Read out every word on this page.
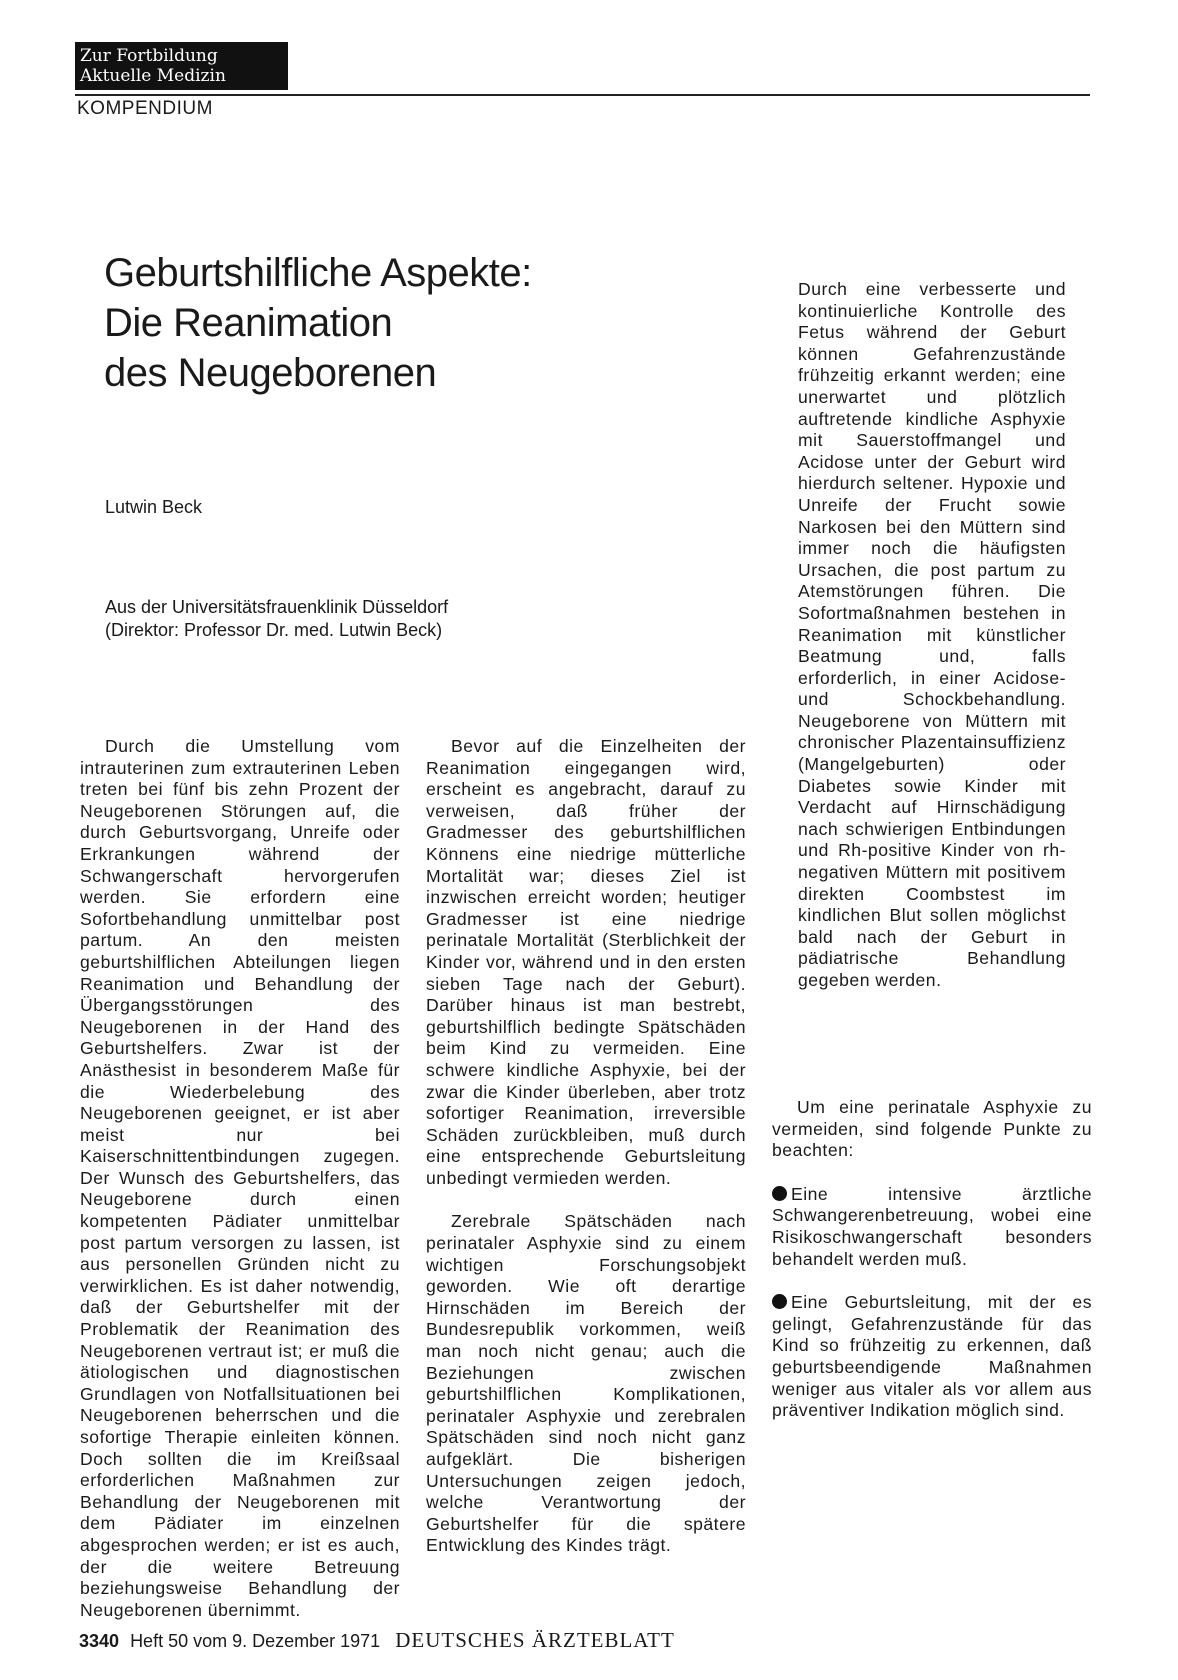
Zur Fortbildung
Aktuelle Medizin
KOMPENDIUM
Geburtshilfliche Aspekte:
Die Reanimation
des Neugeborenen
Lutwin Beck
Aus der Universitätsfrauenklinik Düsseldorf
(Direktor: Professor Dr. med. Lutwin Beck)

Durch eine verbesserte und kontinuierliche Kontrolle des Fetus während der Geburt können Gefahrenzustände frühzeitig erkannt werden; eine unerwartet und plötzlich auftretende kindliche Asphyxie mit Sauerstoffmangel und Acidose unter der Geburt wird hierdurch seltener. Hypoxie und Unreife der Frucht sowie Narkosen bei den Müttern sind immer noch die häufigsten Ursachen, die post partum zu Atemstörungen führen. Die Sofortmaßnahmen bestehen in Reanimation mit künstlicher Beatmung und, falls erforderlich, in einer Acidose- und Schockbehandlung. Neugeborene von Müttern mit chronischer Plazentainsuffizienz (Mangelgeburten) oder Diabetes sowie Kinder mit Verdacht auf Hirnschädigung nach schwierigen Entbindungen und Rh-positive Kinder von rh-negativen Müttern mit positivem direkten Coombstest im kindlichen Blut sollen möglichst bald nach der Geburt in pädiatrische Behandlung gegeben werden.

Durch die Umstellung vom intrauterinen zum extrauterinen Leben treten bei fünf bis zehn Prozent der Neugeborenen Störungen auf, die durch Geburtsvorgang, Unreife oder Erkrankungen während der Schwangerschaft hervorgerufen werden. Sie erfordern eine Sofortbehandlung unmittelbar post partum. An den meisten geburtshilflichen Abteilungen liegen Reanimation und Behandlung der Übergangsstörungen des Neugeborenen in der Hand des Geburtshelfers. Zwar ist der Anästhesist in besonderem Maße für die Wiederbelebung des Neugeborenen geeignet, er ist aber meist nur bei Kaiserschnittentbindungen zugegen. Der Wunsch des Geburtshelfers, das Neugeborene durch einen kompetenten Pädiater unmittelbar post partum versorgen zu lassen, ist aus personellen Gründen nicht zu verwirklichen. Es ist daher notwendig, daß der Geburtshelfer mit der Problematik der Reanimation des Neugeborenen vertraut ist; er muß die ätiologischen und diagnostischen Grundlagen von Notfallsituationen bei Neugeborenen beherrschen und die sofortige Therapie einleiten können. Doch sollten die im Kreißsaal erforderlichen Maßnahmen zur Behandlung der Neugeborenen mit dem Pädiater im einzelnen abgesprochen werden; er ist es auch, der die weitere Betreuung beziehungsweise Behandlung der Neugeborenen übernimmt.

Bevor auf die Einzelheiten der Reanimation eingegangen wird, erscheint es angebracht, darauf zu verweisen, daß früher der Gradmesser des geburtshilflichen Könnens eine niedrige mütterliche Mortalität war; dieses Ziel ist inzwischen erreicht worden; heutiger Gradmesser ist eine niedrige perinatale Mortalität (Sterblichkeit der Kinder vor, während und in den ersten sieben Tage nach der Geburt). Darüber hinaus ist man bestrebt, geburtshilflich bedingte Spätschäden beim Kind zu vermeiden. Eine schwere kindliche Asphyxie, bei der zwar die Kinder überleben, aber trotz sofortiger Reanimation, irreversible Schäden zurückbleiben, muß durch eine entsprechende Geburtsleitung unbedingt vermieden werden.

Zerebrale Spätschäden nach perinataler Asphyxie sind zu einem wichtigen Forschungsobjekt geworden. Wie oft derartige Hirnschäden im Bereich der Bundesrepublik vorkommen, weiß man noch nicht genau; auch die Beziehungen zwischen geburtshilflichen Komplikationen, perinataler Asphyxie und zerebralen Spätschäden sind noch nicht ganz aufgeklärt. Die bisherigen Untersuchungen zeigen jedoch, welche Verantwortung der Geburtshelfer für die spätere Entwicklung des Kindes trägt.

Um eine perinatale Asphyxie zu vermeiden, sind folgende Punkte zu beachten:

Eine intensive ärztliche Schwangerenbetreuung, wobei eine Risikoschwangerschaft besonders behandelt werden muß.

Eine Geburtsleitung, mit der es gelingt, Gefahrenzustände für das Kind so frühzeitig zu erkennen, daß geburtsbeendigende Maßnahmen weniger aus vitaler als vor allem aus präventiver Indikation möglich sind.

3340 Heft 50 vom 9. Dezember 1971 DEUTSCHES ÄRZTEBLATT
